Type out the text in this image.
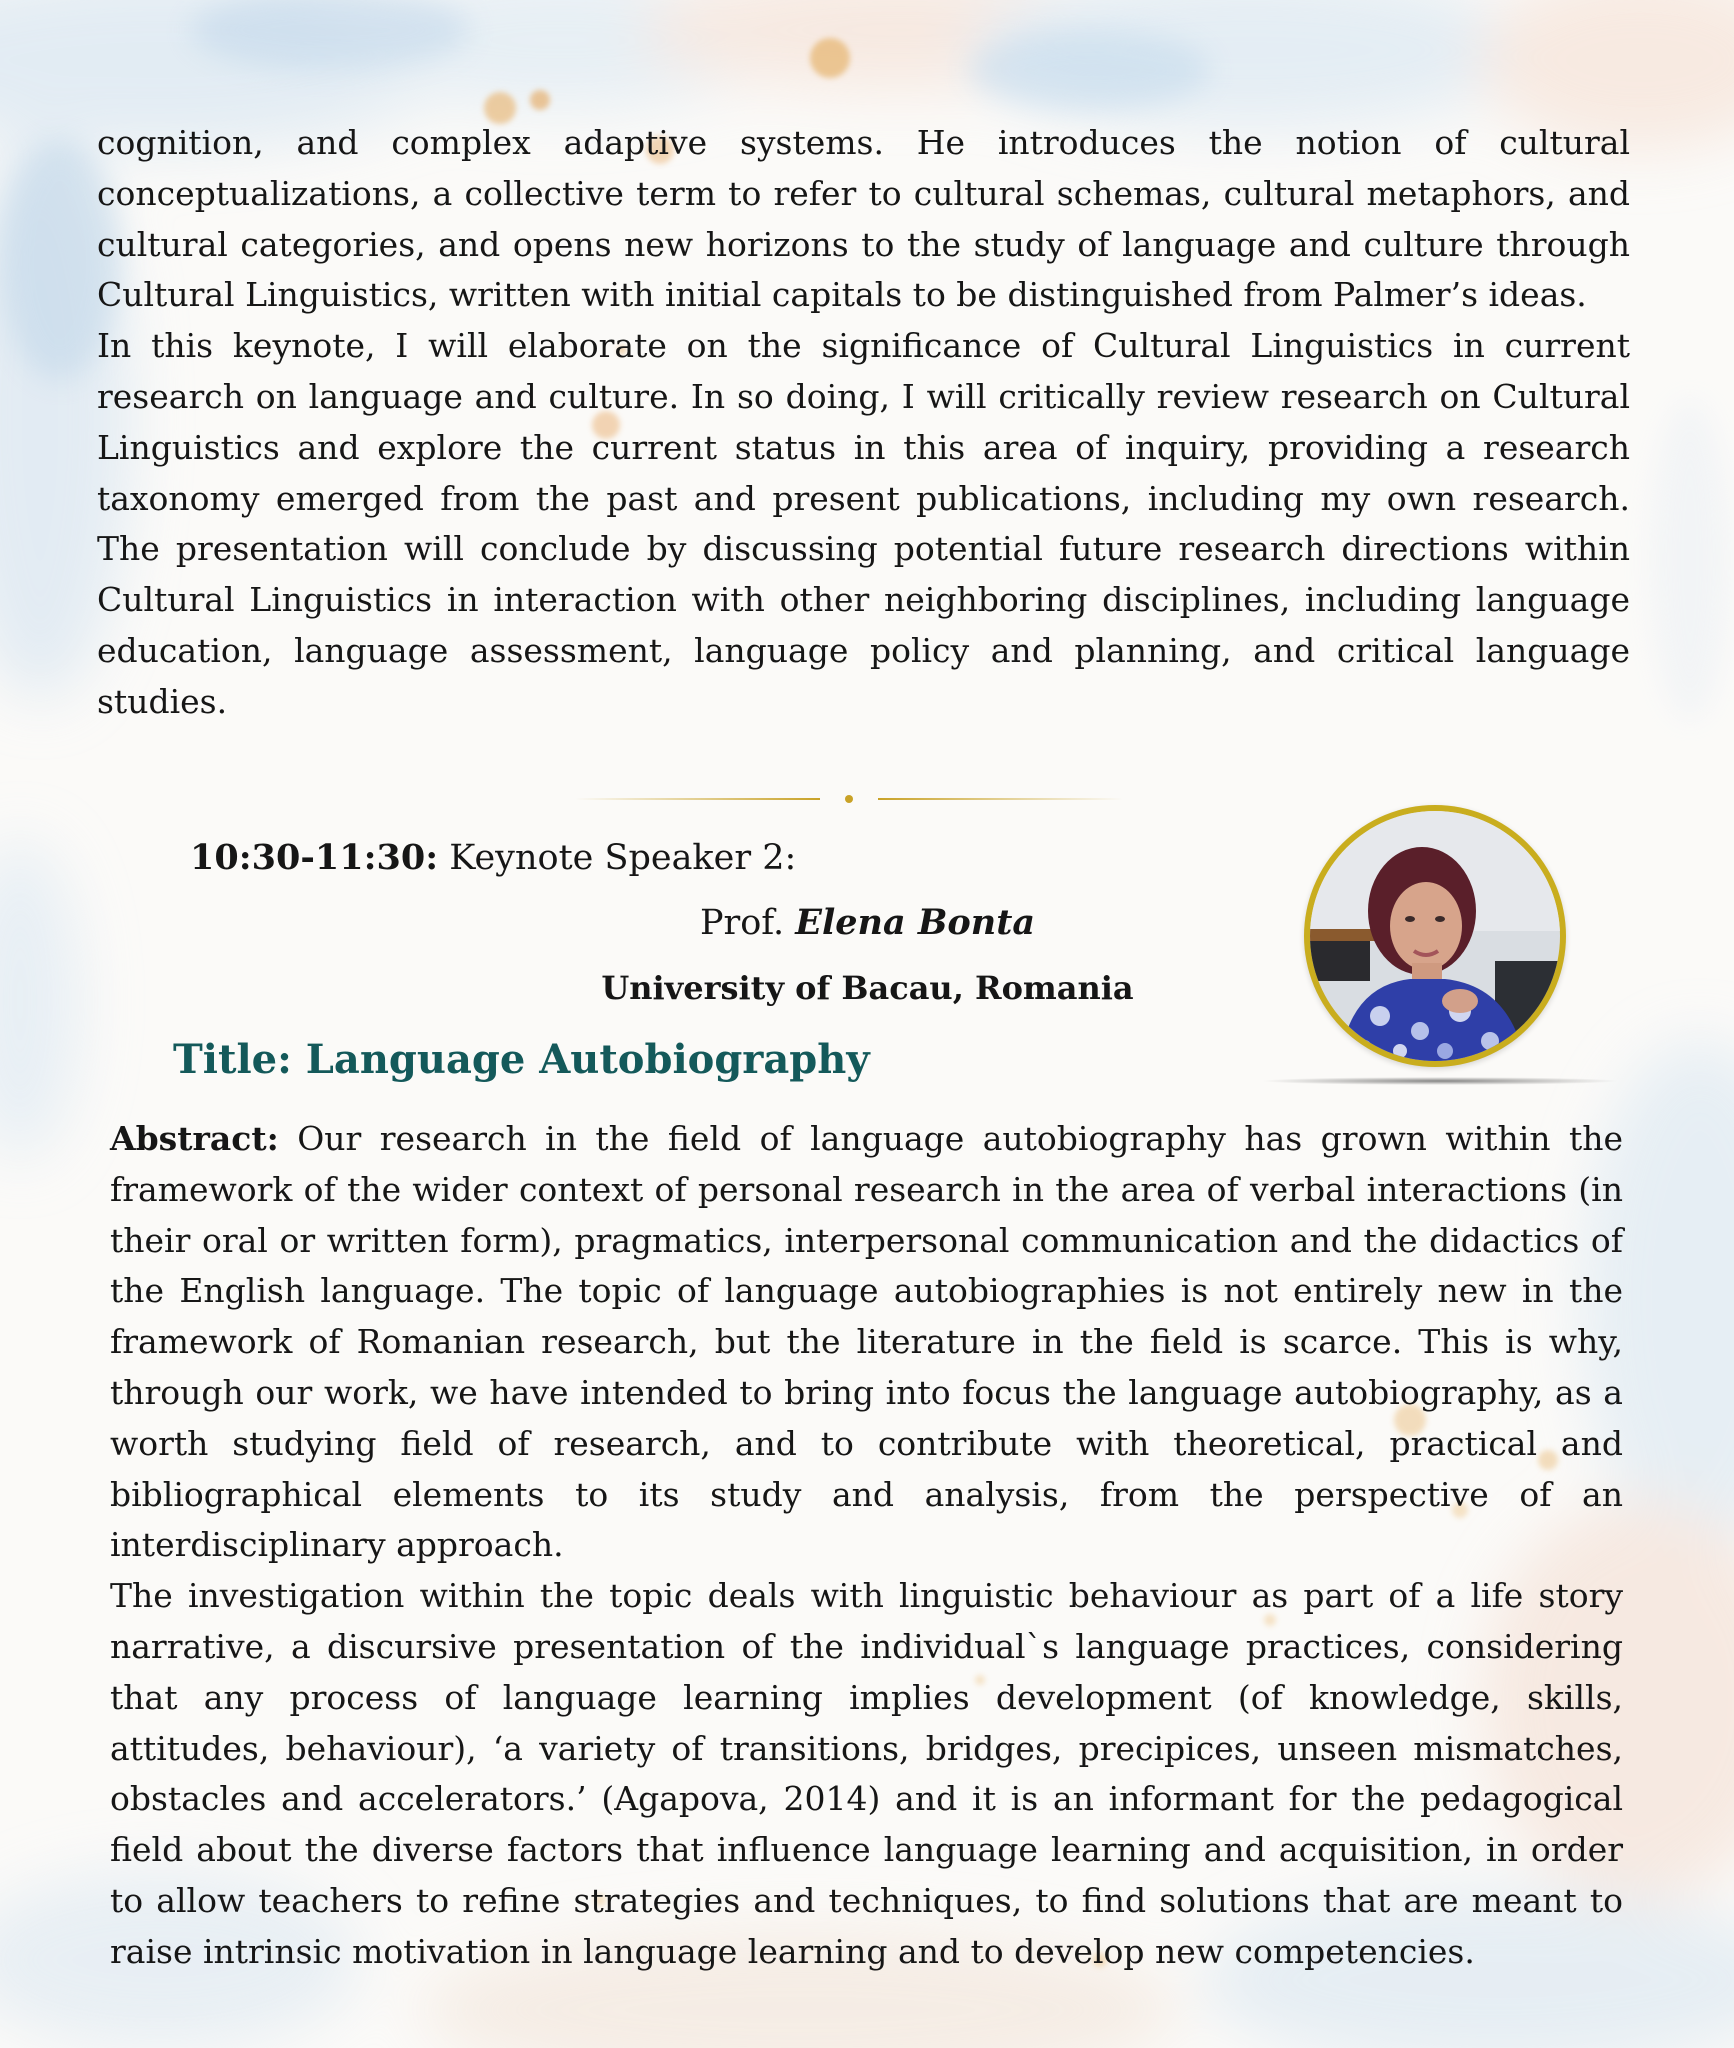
cognition, and complex adaptive systems. He introduces the notion of cultural conceptualizations, a collective term to refer to cultural schemas, cultural metaphors, and cultural categories, and opens new horizons to the study of language and culture through Cultural Linguistics, written with initial capitals to be distinguished from Palmer’s ideas.

In this keynote, I will elaborate on the significance of Cultural Linguistics in current research on language and culture. In so doing, I will critically review research on Cultural Linguistics and explore the current status in this area of inquiry, providing a research taxonomy emerged from the past and present publications, including my own research. The presentation will conclude by discussing potential future research directions within Cultural Linguistics in interaction with other neighboring disciplines, including language education, language assessment, language policy and planning, and critical language studies.

10:30-11:30: Keynote Speaker 2:
Prof. Elena Bonta
University of Bacau, Romania
Title: Language Autobiography

Abstract: Our research in the field of language autobiography has grown within the framework of the wider context of personal research in the area of verbal interactions (in their oral or written form), pragmatics, interpersonal communication and the didactics of the English language. The topic of language autobiographies is not entirely new in the framework of Romanian research, but the literature in the field is scarce. This is why, through our work, we have intended to bring into focus the language autobiography, as a worth studying field of research, and to contribute with theoretical, practical and bibliographical elements to its study and analysis, from the perspective of an interdisciplinary approach.

The investigation within the topic deals with linguistic behaviour as part of a life story narrative, a discursive presentation of the individual`s language practices, considering that any process of language learning implies development (of knowledge, skills, attitudes, behaviour), ‘a variety of transitions, bridges, precipices, unseen mismatches, obstacles and accelerators.’ (Agapova, 2014) and it is an informant for the pedagogical field about the diverse factors that influence language learning and acquisition, in order to allow teachers to refine strategies and techniques, to find solutions that are meant to raise intrinsic motivation in language learning and to develop new competencies.
